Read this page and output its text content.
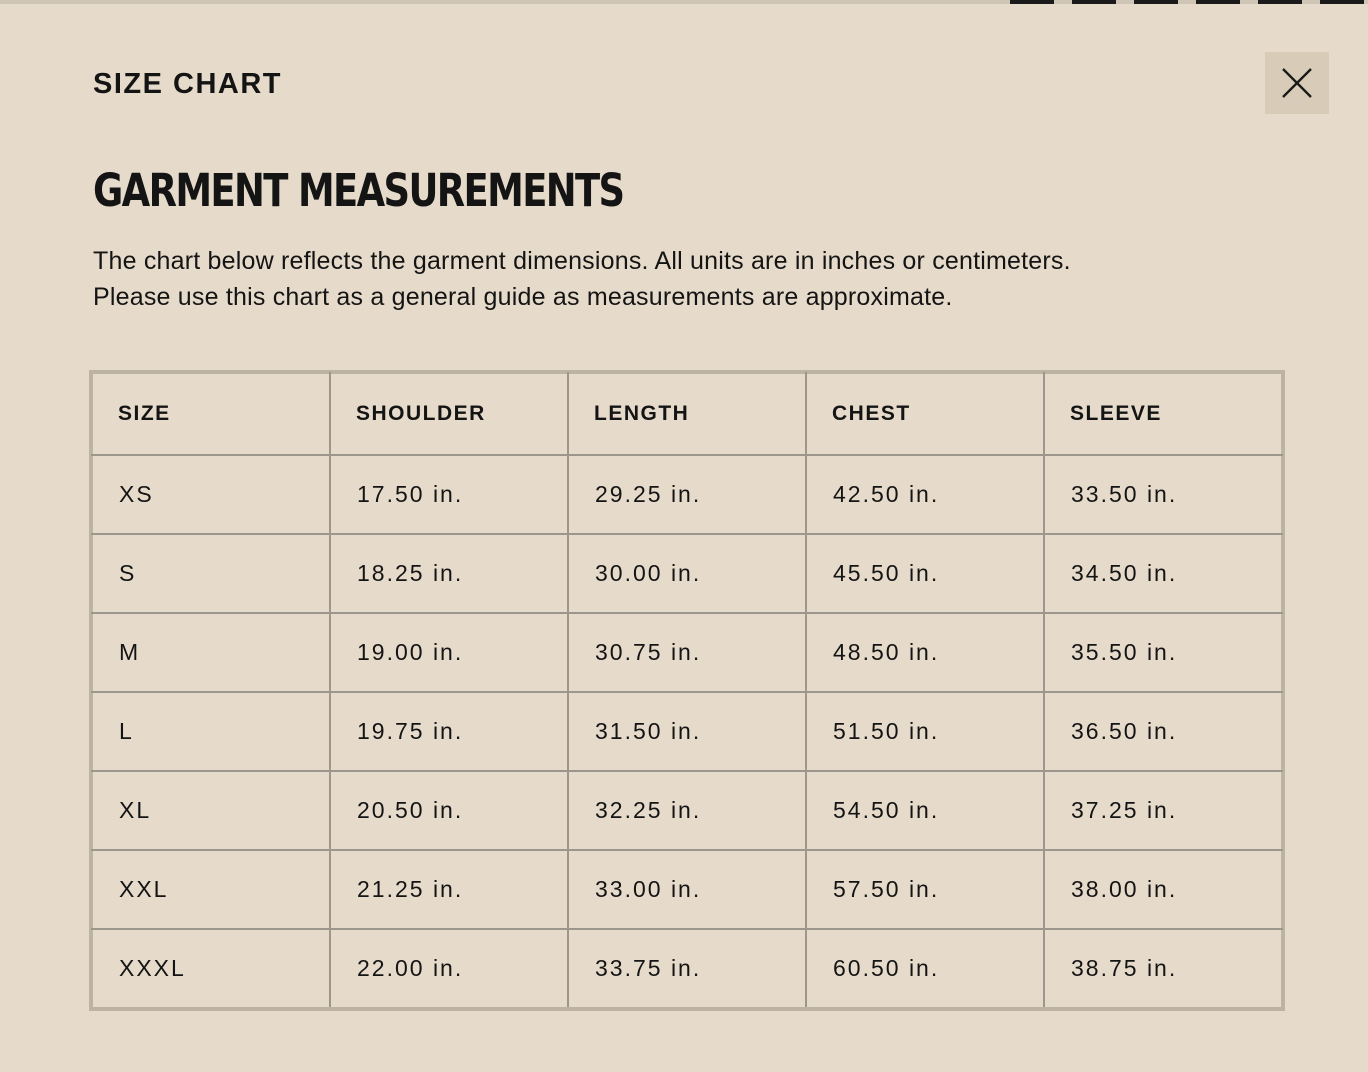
SIZE CHART
GARMENT MEASUREMENTS

The chart below reflects the garment dimensions. All units are in inches or centimeters.
Please use this chart as a general guide as measurements are approximate.

SIZE	SHOULDER	LENGTH	CHEST	SLEEVE
XS	17.50 in.	29.25 in.	42.50 in.	33.50 in.
S	18.25 in.	30.00 in.	45.50 in.	34.50 in.
M	19.00 in.	30.75 in.	48.50 in.	35.50 in.
L	19.75 in.	31.50 in.	51.50 in.	36.50 in.
XL	20.50 in.	32.25 in.	54.50 in.	37.25 in.
XXL	21.25 in.	33.00 in.	57.50 in.	38.00 in.
XXXL	22.00 in.	33.75 in.	60.50 in.	38.75 in.
